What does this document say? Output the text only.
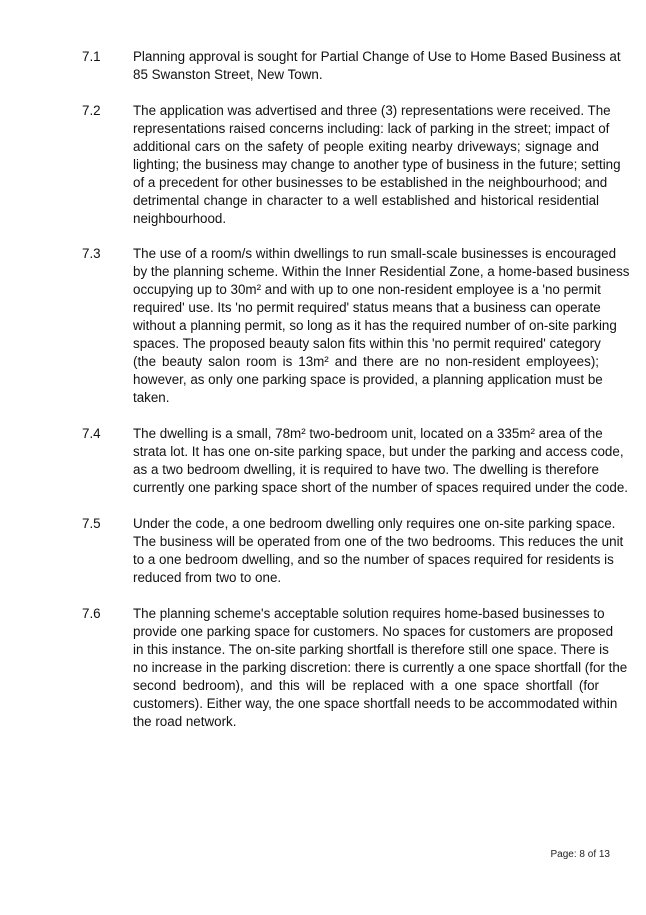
7.1 Planning approval is sought for Partial Change of Use to Home Based Business at
85 Swanston Street, New Town.
7.2 The application was advertised and three (3) representations were received. The
representations raised concerns including: lack of parking in the street; impact of
additional cars on the safety of people exiting nearby driveways; signage and
lighting; the business may change to another type of business in the future; setting
of a precedent for other businesses to be established in the neighbourhood; and
detrimental change in character to a well established and historical residential
neighbourhood.
7.3 The use of a room/s within dwellings to run small-scale businesses is encouraged
by the planning scheme. Within the Inner Residential Zone, a home-based business
occupying up to 30m² and with up to one non-resident employee is a 'no permit
required' use. Its 'no permit required' status means that a business can operate
without a planning permit, so long as it has the required number of on-site parking
spaces. The proposed beauty salon fits within this 'no permit required' category
(the beauty salon room is 13m² and there are no non-resident employees);
however, as only one parking space is provided, a planning application must be
taken.
7.4 The dwelling is a small, 78m² two-bedroom unit, located on a 335m² area of the
strata lot. It has one on-site parking space, but under the parking and access code,
as a two bedroom dwelling, it is required to have two. The dwelling is therefore
currently one parking space short of the number of spaces required under the code.
7.5 Under the code, a one bedroom dwelling only requires one on-site parking space.
The business will be operated from one of the two bedrooms. This reduces the unit
to a one bedroom dwelling, and so the number of spaces required for residents is
reduced from two to one.
7.6 The planning scheme's acceptable solution requires home-based businesses to
provide one parking space for customers. No spaces for customers are proposed
in this instance. The on-site parking shortfall is therefore still one space. There is
no increase in the parking discretion: there is currently a one space shortfall (for the
second bedroom), and this will be replaced with a one space shortfall (for
customers). Either way, the one space shortfall needs to be accommodated within
the road network.
Page: 8 of 13
